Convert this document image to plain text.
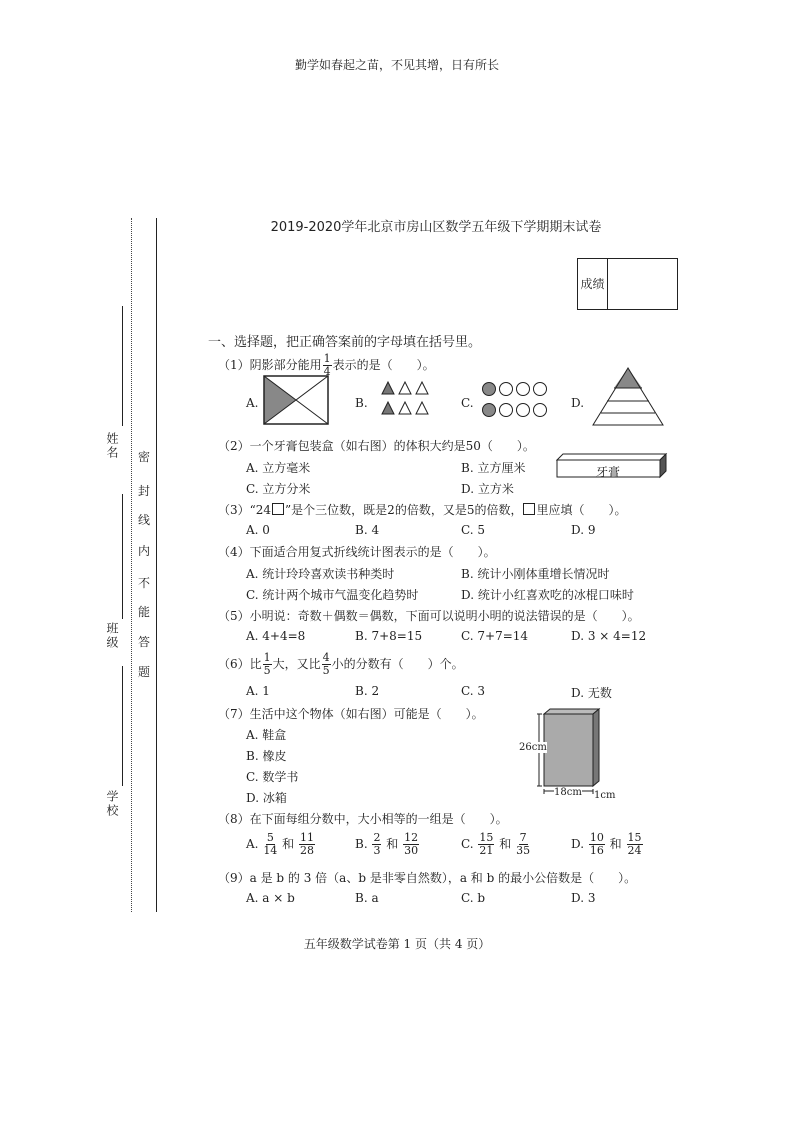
勤学如春起之苗，不见其增，日有所长
姓名
班级
学校
密
封
线
内
不
能
答
题
2019-2020学年北京市房山区数学五年级下学期期末试卷
成绩
一、选择题，把正确答案前的字母填在括号里。
（1）阴影部分能用 $\frac{1}{4}$ 表示的是（　　）。
A.	B.	C.	D.
（2）一个牙膏包装盒（如右图）的体积大约是50（　　）。
A. 立方毫米	B. 立方厘米
C. 立方分米	D. 立方米
牙膏
（3）“24 ”是个三位数，既是2的倍数，又是5的倍数， 里应填（　　）。
A. 0	B. 4	C. 5	D. 9
（4）下面适合用复式折线统计图表示的是（　　）。
A. 统计玲玲喜欢读书种类时	B. 统计小刚体重增长情况时
C. 统计两个城市气温变化趋势时	D. 统计小红喜欢吃的冰棍口味时
（5）小明说：奇数＋偶数＝偶数，下面可以说明小明的说法错误的是（　　）。
A. 4+4=8	B. 7+8=15	C. 7+7=14	D. 3 × 4=12
（6）比 $\frac{1}{5}$ 大，又比 $\frac{4}{5}$ 小的分数有（　　）个。
A. 1	B. 2	C. 3	D. 无数
（7）生活中这个物体（如右图）可能是（　　）。
A. 鞋盒
B. 橡皮
C. 数学书
D. 冰箱
26cm
18cm 1cm
（8）在下面每组分数中，大小相等的一组是（　　）。
A. $\frac{5}{14}$ 和 $\frac{11}{28}$	B. $\frac{2}{3}$ 和 $\frac{12}{30}$	C. $\frac{15}{21}$ 和 $\frac{7}{35}$	D. $\frac{10}{16}$ 和 $\frac{15}{24}$
（9）a 是 b 的 3 倍（a、b 是非零自然数），a 和 b 的最小公倍数是（　　）。
A. a × b	B. a	C. b	D. 3
五年级数学试卷第 1 页（共 4 页）
